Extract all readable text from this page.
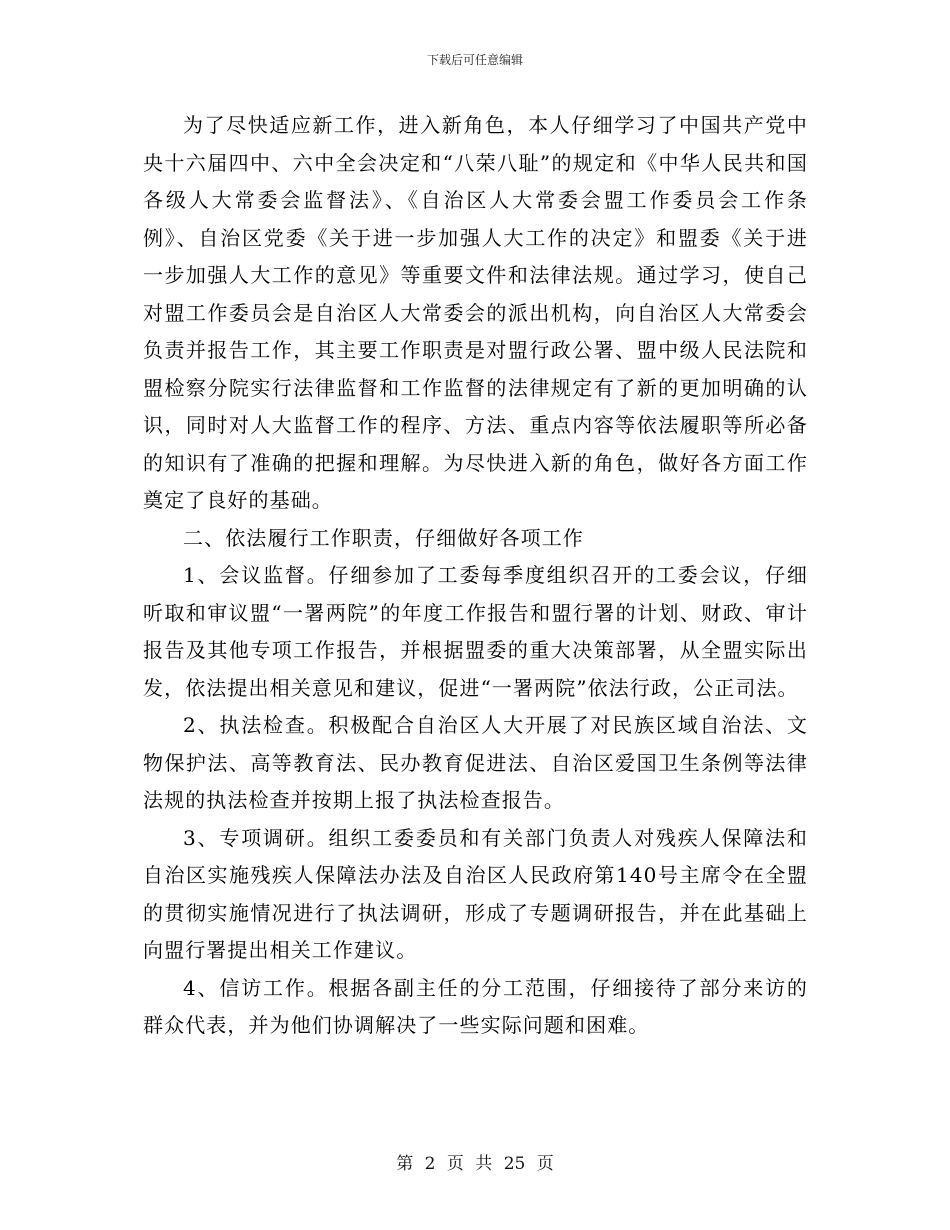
下载后可任意编辑

为了尽快适应新工作，进入新角色，本人仔细学习了中国共产党中央十六届四中、六中全会决定和“八荣八耻”的规定和《中华人民共和国各级人大常委会监督法》、《自治区人大常委会盟工作委员会工作条例》、自治区党委《关于进一步加强人大工作的决定》和盟委《关于进一步加强人大工作的意见》等重要文件和法律法规。通过学习，使自己对盟工作委员会是自治区人大常委会的派出机构，向自治区人大常委会负责并报告工作，其主要工作职责是对盟行政公署、盟中级人民法院和盟检察分院实行法律监督和工作监督的法律规定有了新的更加明确的认识，同时对人大监督工作的程序、方法、重点内容等依法履职等所必备的知识有了准确的把握和理解。为尽快进入新的角色，做好各方面工作奠定了良好的基础。

二、依法履行工作职责，仔细做好各项工作

1、会议监督。仔细参加了工委每季度组织召开的工委会议，仔细听取和审议盟“一署两院”的年度工作报告和盟行署的计划、财政、审计报告及其他专项工作报告，并根据盟委的重大决策部署，从全盟实际出发，依法提出相关意见和建议，促进“一署两院”依法行政，公正司法。

2、执法检查。积极配合自治区人大开展了对民族区域自治法、文物保护法、高等教育法、民办教育促进法、自治区爱国卫生条例等法律法规的执法检查并按期上报了执法检查报告。

3、专项调研。组织工委委员和有关部门负责人对残疾人保障法和自治区实施残疾人保障法办法及自治区人民政府第140号主席令在全盟的贯彻实施情况进行了执法调研，形成了专题调研报告，并在此基础上向盟行署提出相关工作建议。

4、信访工作。根据各副主任的分工范围，仔细接待了部分来访的群众代表，并为他们协调解决了一些实际问题和困难。

第 2 页 共 25 页
